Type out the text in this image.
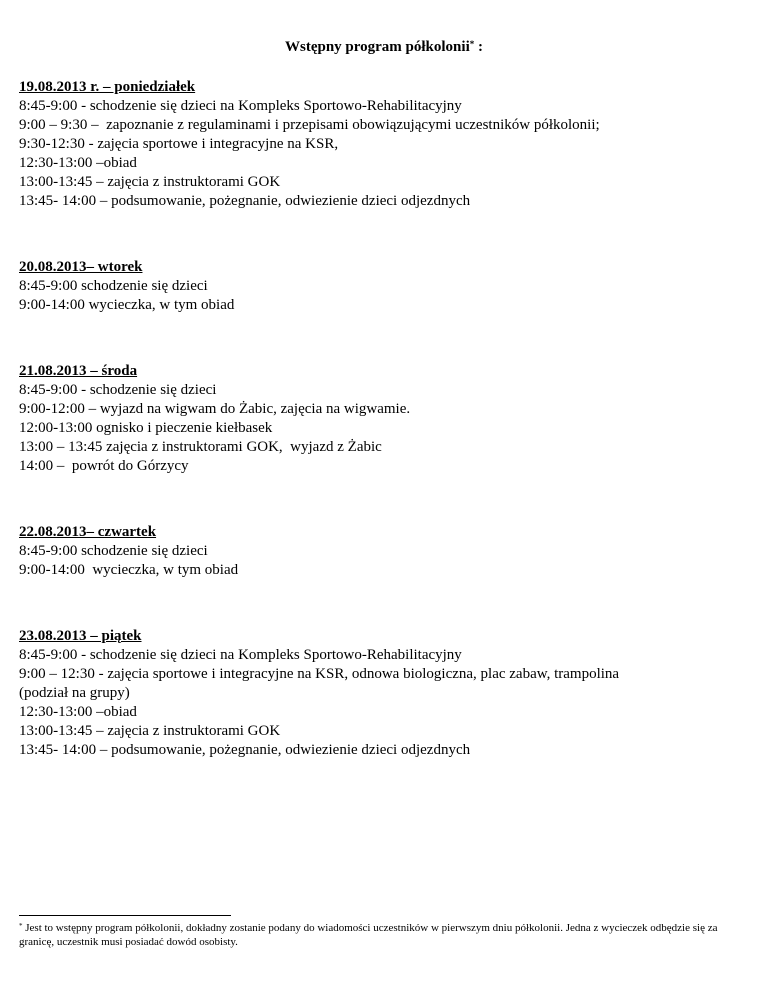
Wstępny program półkolonii* :
19.08.2013 r. – poniedziałek
8:45-9:00 - schodzenie się dzieci na Kompleks Sportowo-Rehabilitacyjny
9:00 – 9:30 –  zapoznanie z regulaminami i przepisami obowiązującymi uczestników półkolonii;
9:30-12:30 - zajęcia sportowe i integracyjne na KSR,
12:30-13:00 –obiad
13:00-13:45 – zajęcia z instruktorami GOK
13:45- 14:00 – podsumowanie, pożegnanie, odwiezienie dzieci odjezdnych
20.08.2013– wtorek
8:45-9:00 schodzenie się dzieci
9:00-14:00 wycieczka, w tym obiad
21.08.2013 – środa
8:45-9:00 - schodzenie się dzieci
9:00-12:00 – wyjazd na wigwam do Żabic, zajęcia na wigwamie.
12:00-13:00 ognisko i pieczenie kiełbasek
13:00 – 13:45 zajęcia z instruktorami GOK,  wyjazd z Żabic
14:00 –  powrót do Górzycy
22.08.2013– czwartek
8:45-9:00 schodzenie się dzieci
9:00-14:00  wycieczka, w tym obiad
23.08.2013 – piątek
8:45-9:00 - schodzenie się dzieci na Kompleks Sportowo-Rehabilitacyjny
9:00 – 12:30 - zajęcia sportowe i integracyjne na KSR, odnowa biologiczna, plac zabaw, trampolina
(podział na grupy)
12:30-13:00 –obiad
13:00-13:45 – zajęcia z instruktorami GOK
13:45- 14:00 – podsumowanie, pożegnanie, odwiezienie dzieci odjezdnych
* Jest to wstępny program półkolonii, dokładny zostanie podany do wiadomości uczestników w pierwszym dniu półkolonii. Jedna z wycieczek odbędzie się za granicę, uczestnik musi posiadać dowód osobisty.
